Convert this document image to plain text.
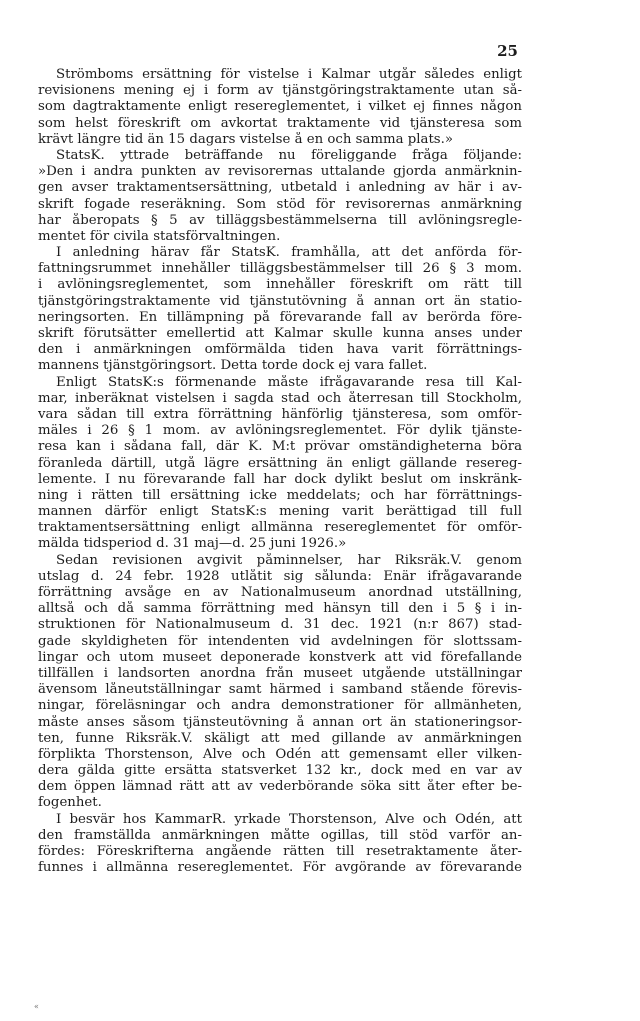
25
Strömboms ersättning för vistelse i Kalmar utgår således enligt
revisionens mening ej i form av tjänstgöringstraktamente utan så-
som dagtraktamente enligt resereglementet, i vilket ej finnes någon
som helst föreskrift om avkortat traktamente vid tjänsteresa som
krävt längre tid än 15 dagars vistelse å en och samma plats.»
StatsK. yttrade beträffande nu föreliggande fråga följande:
»Den i andra punkten av revisorernas uttalande gjorda anmärknin-
gen avser traktamentsersättning, utbetald i anledning av här i av-
skrift fogade reseräkning. Som stöd för revisorernas anmärkning
har åberopats § 5 av tilläggsbestämmelserna till avlöningsregle-
mentet för civila statsförvaltningen.
I anledning härav får StatsK. framhålla, att det anförda för-
fattningsrummet innehåller tilläggsbestämmelser till 26 § 3 mom.
i avlöningsreglementet, som innehåller föreskrift om rätt till
tjänstgöringstraktamente vid tjänstutövning å annan ort än statio-
neringsorten. En tillämpning på förevarande fall av berörda före-
skrift förutsätter emellertid att Kalmar skulle kunna anses under
den i anmärkningen omförmälda tiden hava varit förrättnings-
mannens tjänstgöringsort. Detta torde dock ej vara fallet.
Enligt StatsK:s förmenande måste ifrågavarande resa till Kal-
mar, inberäknat vistelsen i sagda stad och återresan till Stockholm,
vara sådan till extra förrättning hänförlig tjänsteresa, som omför-
mäles i 26 § 1 mom. av avlöningsreglementet. För dylik tjänste-
resa kan i sådana fall, där K. M:t prövar omständigheterna böra
föranleda därtill, utgå lägre ersättning än enligt gällande resereg-
lemente. I nu förevarande fall har dock dylikt beslut om inskränk-
ning i rätten till ersättning icke meddelats; och har förrättnings-
mannen därför enligt StatsK:s mening varit berättigad till full
traktamentsersättning enligt allmänna resereglementet för omför-
mälda tidsperiod d. 31 maj—d. 25 juni 1926.»
Sedan revisionen avgivit påminnelser, har Riksräk.V. genom
utslag d. 24 febr. 1928 utlåtit sig sålunda: Enär ifrågavarande
förrättning avsåge en av Nationalmuseum anordnad utställning,
alltså och då samma förrättning med hänsyn till den i 5 § i in-
struktionen för Nationalmuseum d. 31 dec. 1921 (n:r 867) stad-
gade skyldigheten för intendenten vid avdelningen för slottssam-
lingar och utom museet deponerade konstverk att vid förefallande
tillfällen i landsorten anordna från museet utgående utställningar
ävensom låneutställningar samt härmed i samband stående förevis-
ningar, föreläsningar och andra demonstrationer för allmänheten,
måste anses såsom tjänsteutövning å annan ort än stationeringsor-
ten, funne Riksräk.V. skäligt att med gillande av anmärkningen
förplikta Thorstenson, Alve och Odén att gemensamt eller vilken-
dera gälda gitte ersätta statsverket 132 kr., dock med en var av
dem öppen lämnad rätt att av vederbörande söka sitt åter efter be-
fogenhet.
I besvär hos KammarR. yrkade Thorstenson, Alve och Odén, att
den framställda anmärkningen måtte ogillas, till stöd varför an-
fördes: Föreskrifterna angående rätten till resetraktamente åter-
funnes i allmänna resereglementet. För avgörande av förevarande
«
